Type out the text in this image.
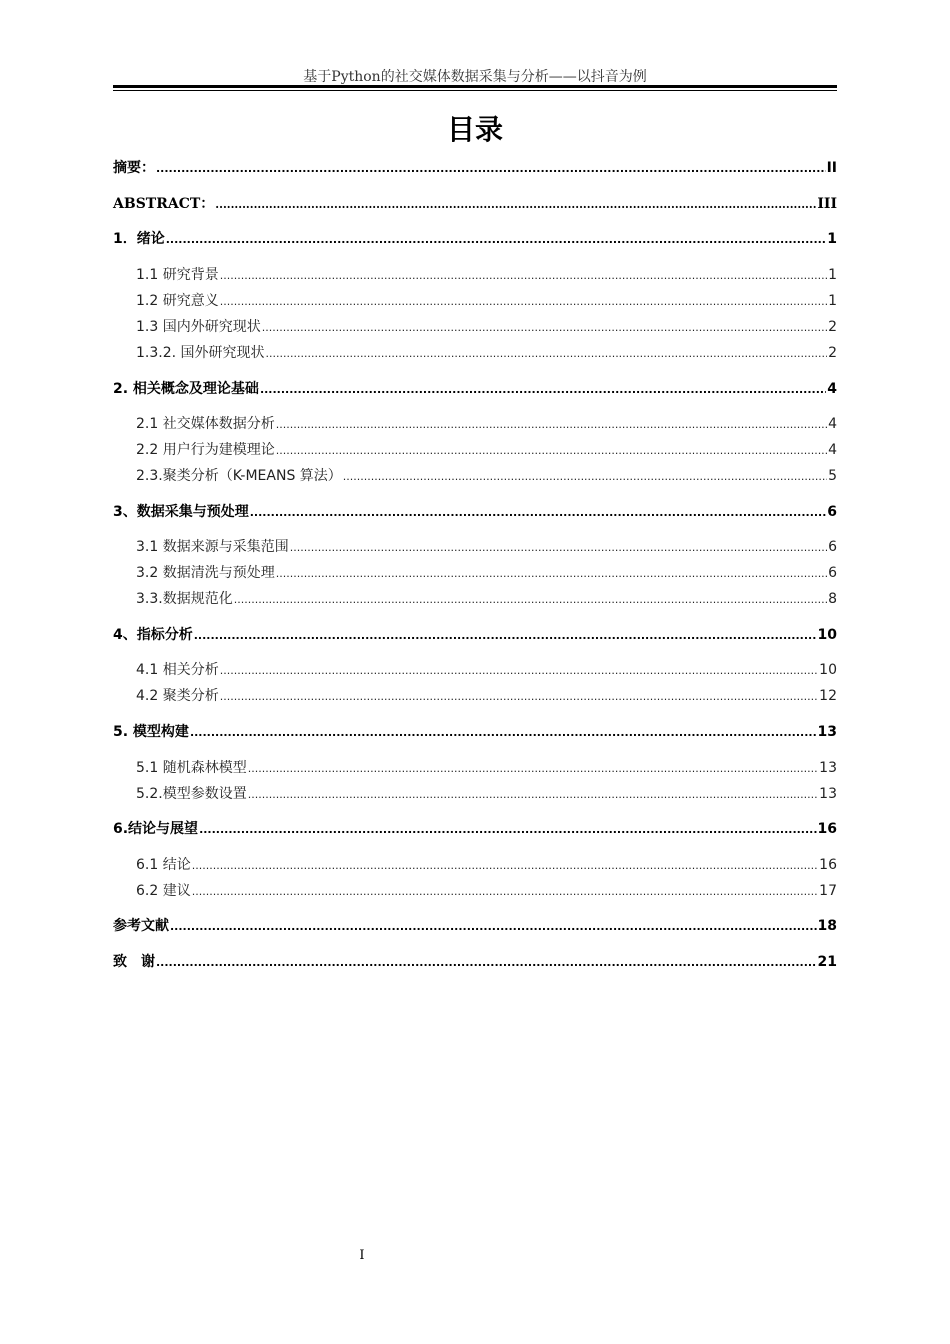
基于Python的社交媒体数据采集与分析——以抖音为例
目录
摘要： .....	II
ABSTRACT： .....	III
1．绪论 .....	1
1.1 研究背景 .....	1
1.2 研究意义 .....	1
1.3 国内外研究现状 .....	2
1.3.2. 国外研究现状 .....	2
2. 相关概念及理论基础 .....	4
2.1 社交媒体数据分析 .....	4
2.2 用户行为建模理论 .....	4
2.3.聚类分析（K-MEANS 算法） .....	5
3、数据采集与预处理 .....	6
3.1 数据来源与采集范围 .....	6
3.2 数据清洗与预处理 .....	6
3.3.数据规范化 .....	8
4、指标分析 .....	10
4.1 相关分析 .....	10
4.2 聚类分析 .....	12
5. 模型构建 .....	13
5.1 随机森林模型 .....	13
5.2.模型参数设置 .....	13
6.结论与展望 .....	16
6.1 结论 .....	16
6.2 建议 .....	17
参考文献 .....	18
致　谢 .....	21
I
